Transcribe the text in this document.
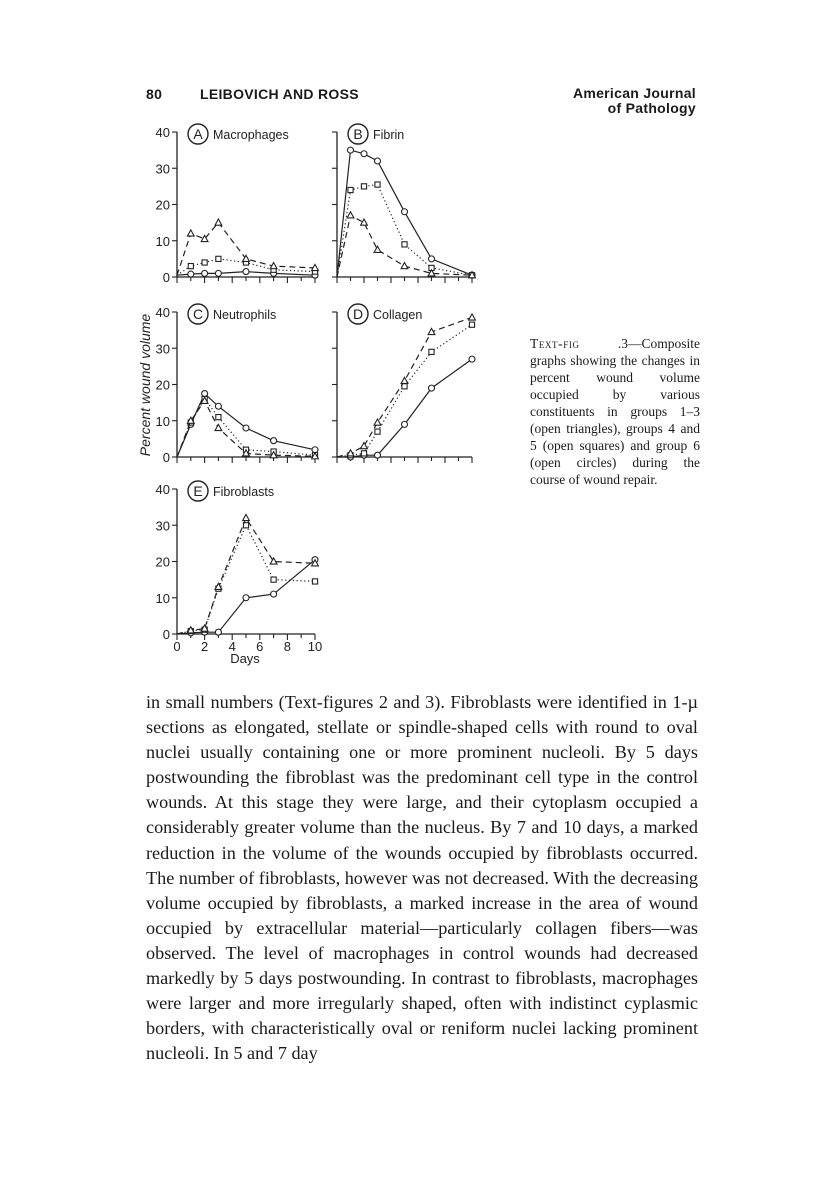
80	LEIBOVICH AND ROSS	American Journal
of Pathology
Percent wound volume
Days
40
30
20
10
0
A Macrophages	B Fibrin
40
30
20
10
0
C Neutrophils	D Collagen
40
30
20
10
0
0 2 4 6 8 10
E Fibroblasts
Text-fig .3—Composite graphs showing the changes in percent wound volume occupied by various constituents in groups 1–3 (open triangles), groups 4 and 5 (open squares) and group 6 (open circles) during the course of wound repair.
in small numbers (Text-figures 2 and 3). Fibroblasts were identified in 1-µ sections as elongated, stellate or spindle-shaped cells with round to oval nuclei usually containing one or more prominent nucleoli. By 5 days postwounding the fibroblast was the predominant cell type in the control wounds. At this stage they were large, and their cytoplasm occupied a considerably greater volume than the nucleus. By 7 and 10 days, a marked reduction in the volume of the wounds occupied by fibroblasts occurred. The number of fibroblasts, however was not decreased. With the decreasing volume occupied by fibroblasts, a marked increase in the area of wound occupied by extracellular material—particularly collagen fibers—was observed. The level of macrophages in control wounds had decreased markedly by 5 days postwounding. In contrast to fibroblasts, macrophages were larger and more irregularly shaped, often with indistinct cyplasmic borders, with characteristically oval or reniform nuclei lacking prominent nucleoli. In 5 and 7 day
